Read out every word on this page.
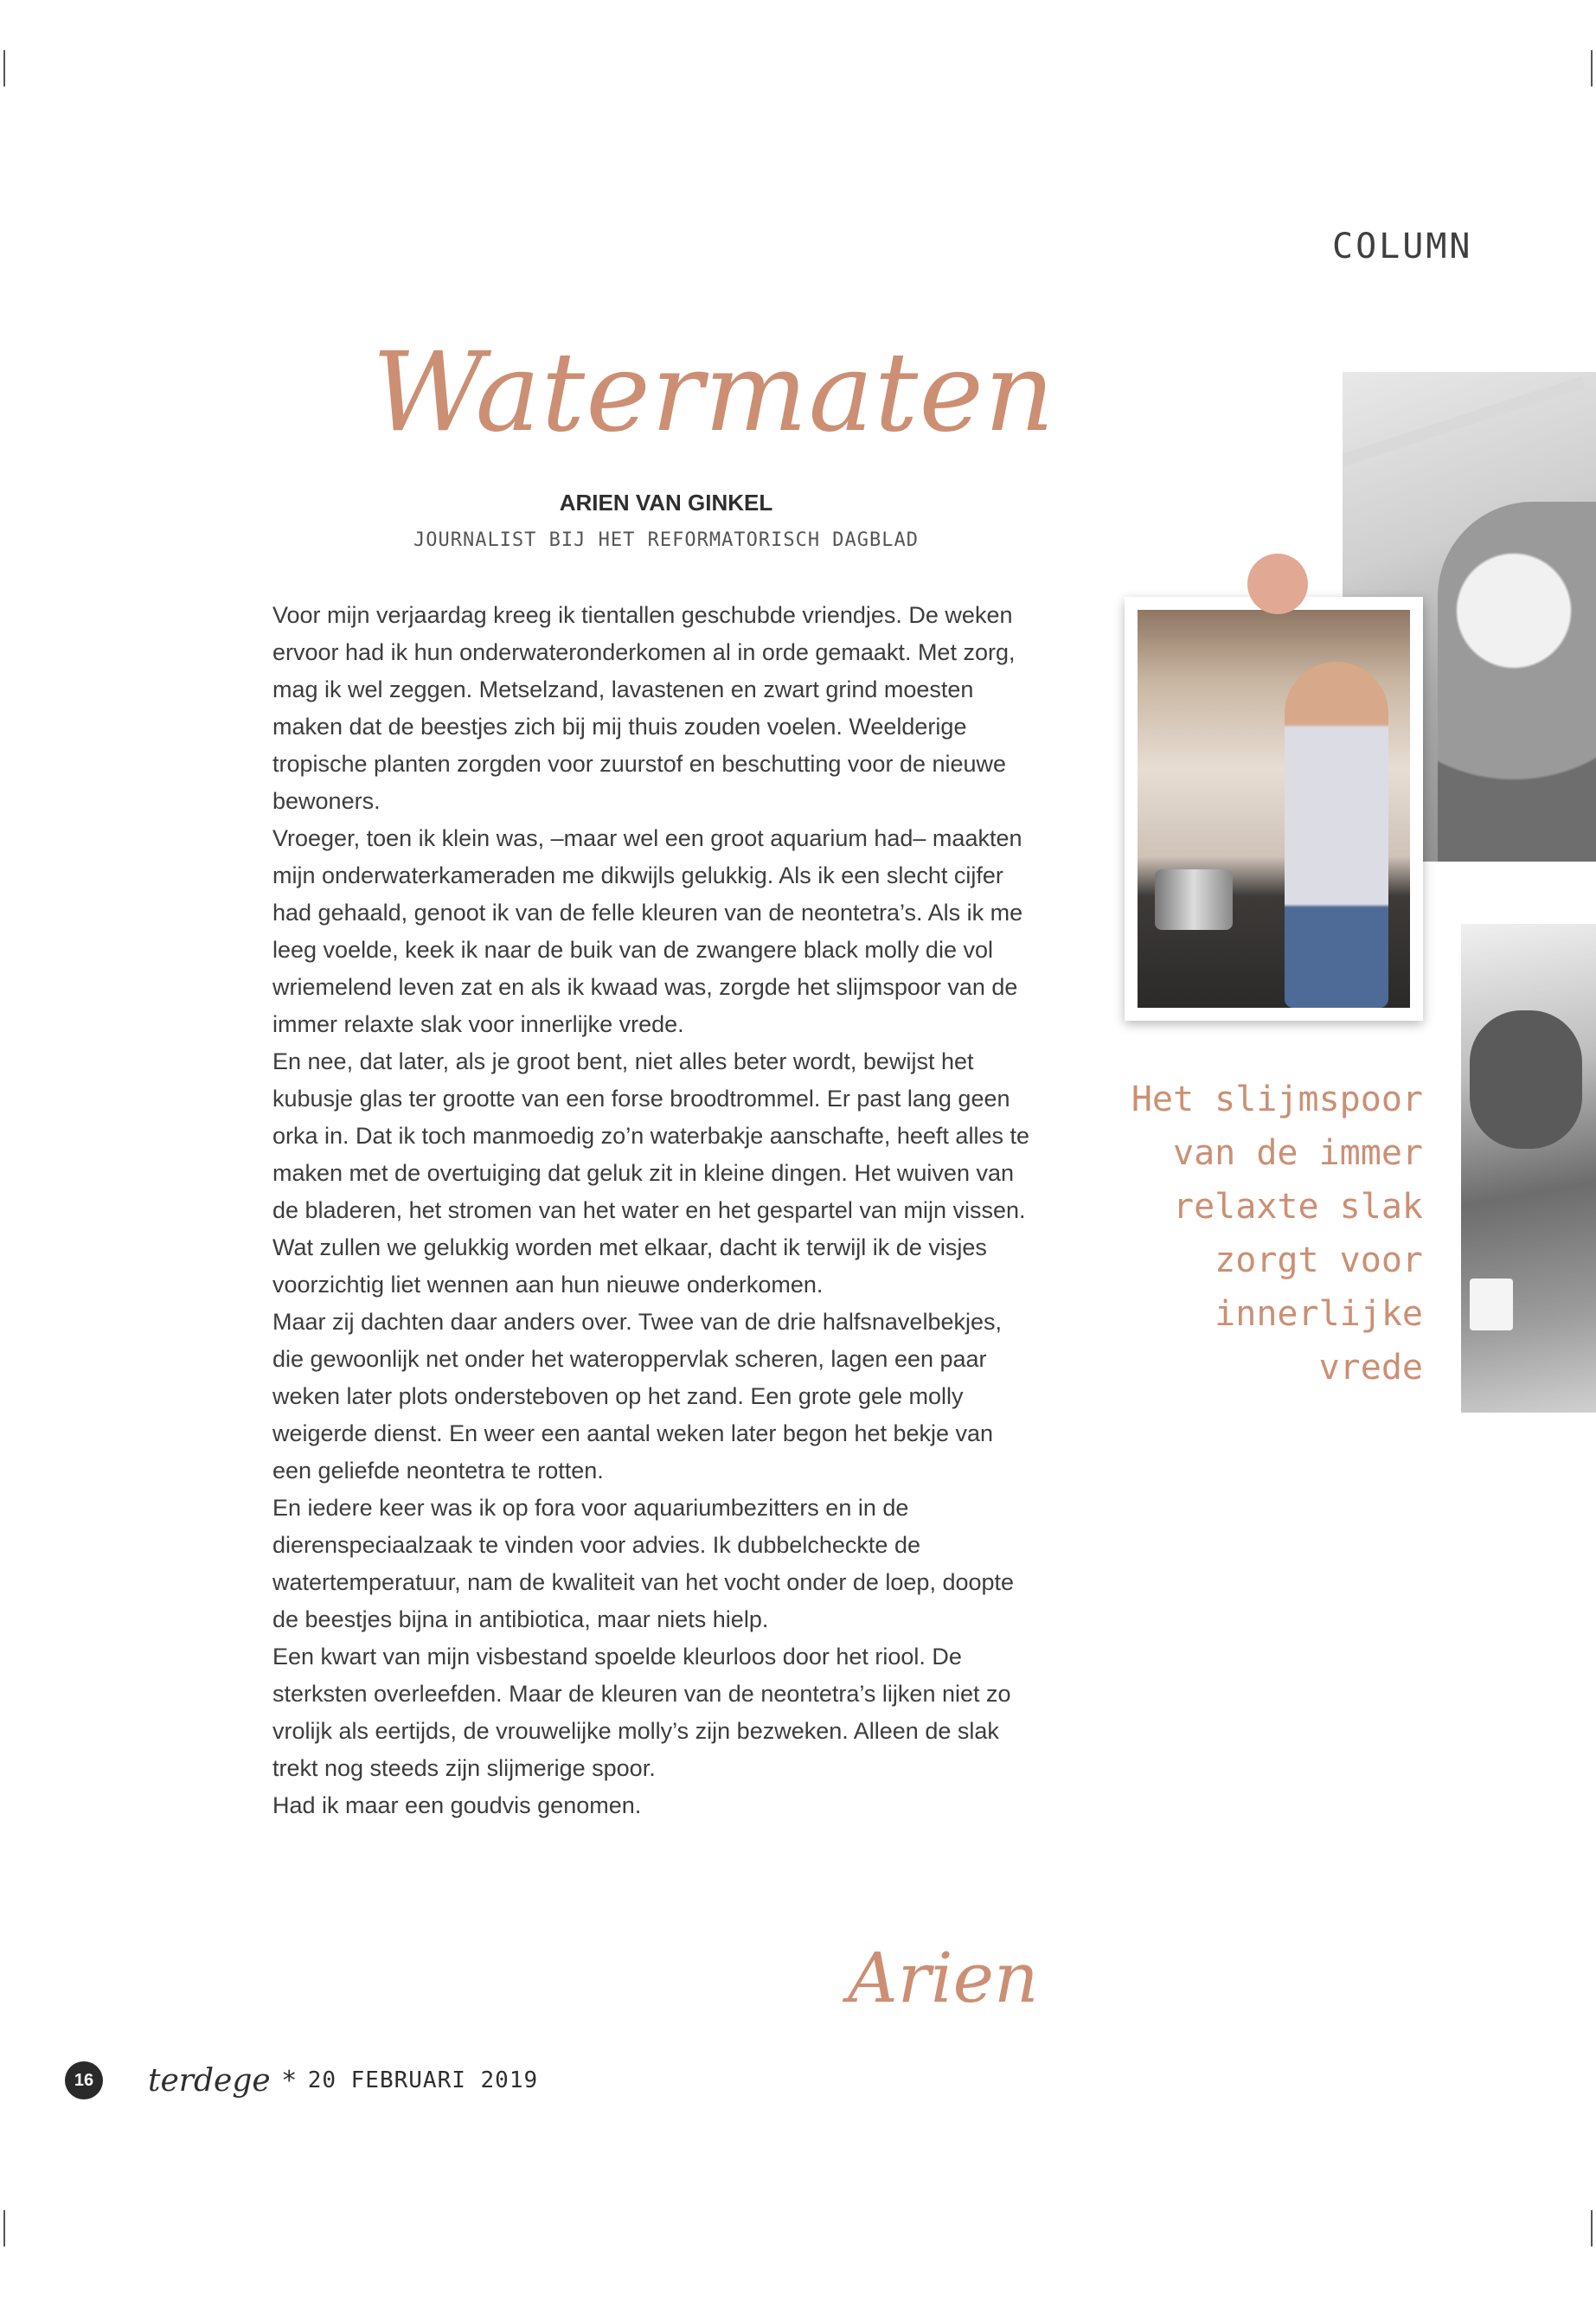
COLUMN
Watermaten
ARIEN VAN GINKEL
JOURNALIST BIJ HET REFORMATORISCH DAGBLAD

Voor mijn verjaardag kreeg ik tientallen geschubde vriendjes. De weken ervoor had ik hun onderwateronderkomen al in orde gemaakt. Met zorg, mag ik wel zeggen. Metselzand, lavastenen en zwart grind moesten maken dat de beestjes zich bij mij thuis zouden voelen. Weelderige tropische planten zorgden voor zuurstof en beschutting voor de nieuwe bewoners.

Vroeger, toen ik klein was, –maar wel een groot aquarium had– maakten mijn onderwaterkameraden me dikwijls gelukkig. Als ik een slecht cijfer had gehaald, genoot ik van de felle kleuren van de neontetra’s. Als ik me leeg voelde, keek ik naar de buik van de zwangere black molly die vol wriemelend leven zat en als ik kwaad was, zorgde het slijmspoor van de immer relaxte slak voor innerlijke vrede.

En nee, dat later, als je groot bent, niet alles beter wordt, bewijst het kubusje glas ter grootte van een forse broodtrommel. Er past lang geen orka in. Dat ik toch manmoedig zo’n waterbakje aanschafte, heeft alles te maken met de overtuiging dat geluk zit in kleine dingen. Het wuiven van de bladeren, het stromen van het water en het gespartel van mijn vissen.

Wat zullen we gelukkig worden met elkaar, dacht ik terwijl ik de visjes voorzichtig liet wennen aan hun nieuwe onderkomen.

Maar zij dachten daar anders over. Twee van de drie halfsnavelbekjes, die gewoonlijk net onder het wateroppervlak scheren, lagen een paar weken later plots ondersteboven op het zand. Een grote gele molly weigerde dienst. En weer een aantal weken later begon het bekje van een geliefde neontetra te rotten.

En iedere keer was ik op fora voor aquariumbezitters en in de dierenspeciaalzaak te vinden voor advies. Ik dubbelcheckte de watertemperatuur, nam de kwaliteit van het vocht onder de loep, doopte de beestjes bijna in antibiotica, maar niets hielp.

Een kwart van mijn visbestand spoelde kleurloos door het riool. De sterksten overleefden. Maar de kleuren van de neontetra’s lijken niet zo vrolijk als eertijds, de vrouwelijke molly’s zijn bezweken. Alleen de slak trekt nog steeds zijn slijmerige spoor.

Had ik maar een goudvis genomen.

Het slijmspoor

van de immer

relaxte slak

zorgt voor

innerlijke

vrede

Arien
16	terdege * 20 FEBRUARI 2019
